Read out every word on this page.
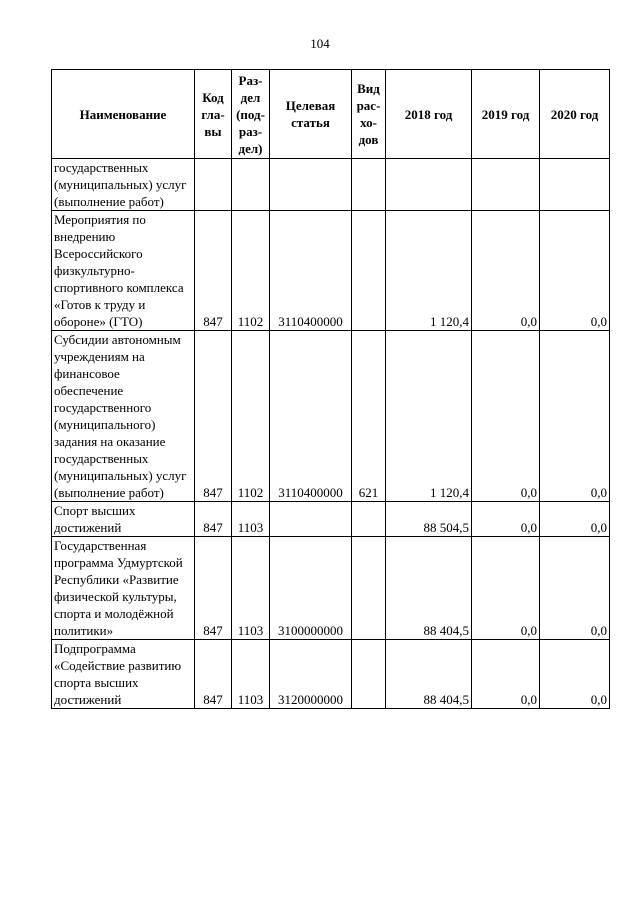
104
Наименование	Код гла-вы	Раз-дел (под-раз-дел)	Целевая статья	Вид рас-хо-дов	2018 год	2019 год	2020 год
государственных (муниципальных) услуг (выполнение работ)							
Мероприятия по внедрению Всероссийского физкультурно-спортивного комплекса «Готов к труду и обороне» (ГТО)	847	1102	3110400000		1 120,4	0,0	0,0
Субсидии автономным учреждениям на финансовое обеспечение государственного (муниципального) задания на оказание государственных (муниципальных) услуг (выполнение работ)	847	1102	3110400000	621	1 120,4	0,0	0,0
Спорт высших достижений	847	1103			88 504,5	0,0	0,0
Государственная программа Удмуртской Республики «Развитие физической культуры, спорта и молодёжной политики»	847	1103	3100000000		88 404,5	0,0	0,0
Подпрограмма «Содействие развитию спорта высших достижений	847	1103	3120000000		88 404,5	0,0	0,0
